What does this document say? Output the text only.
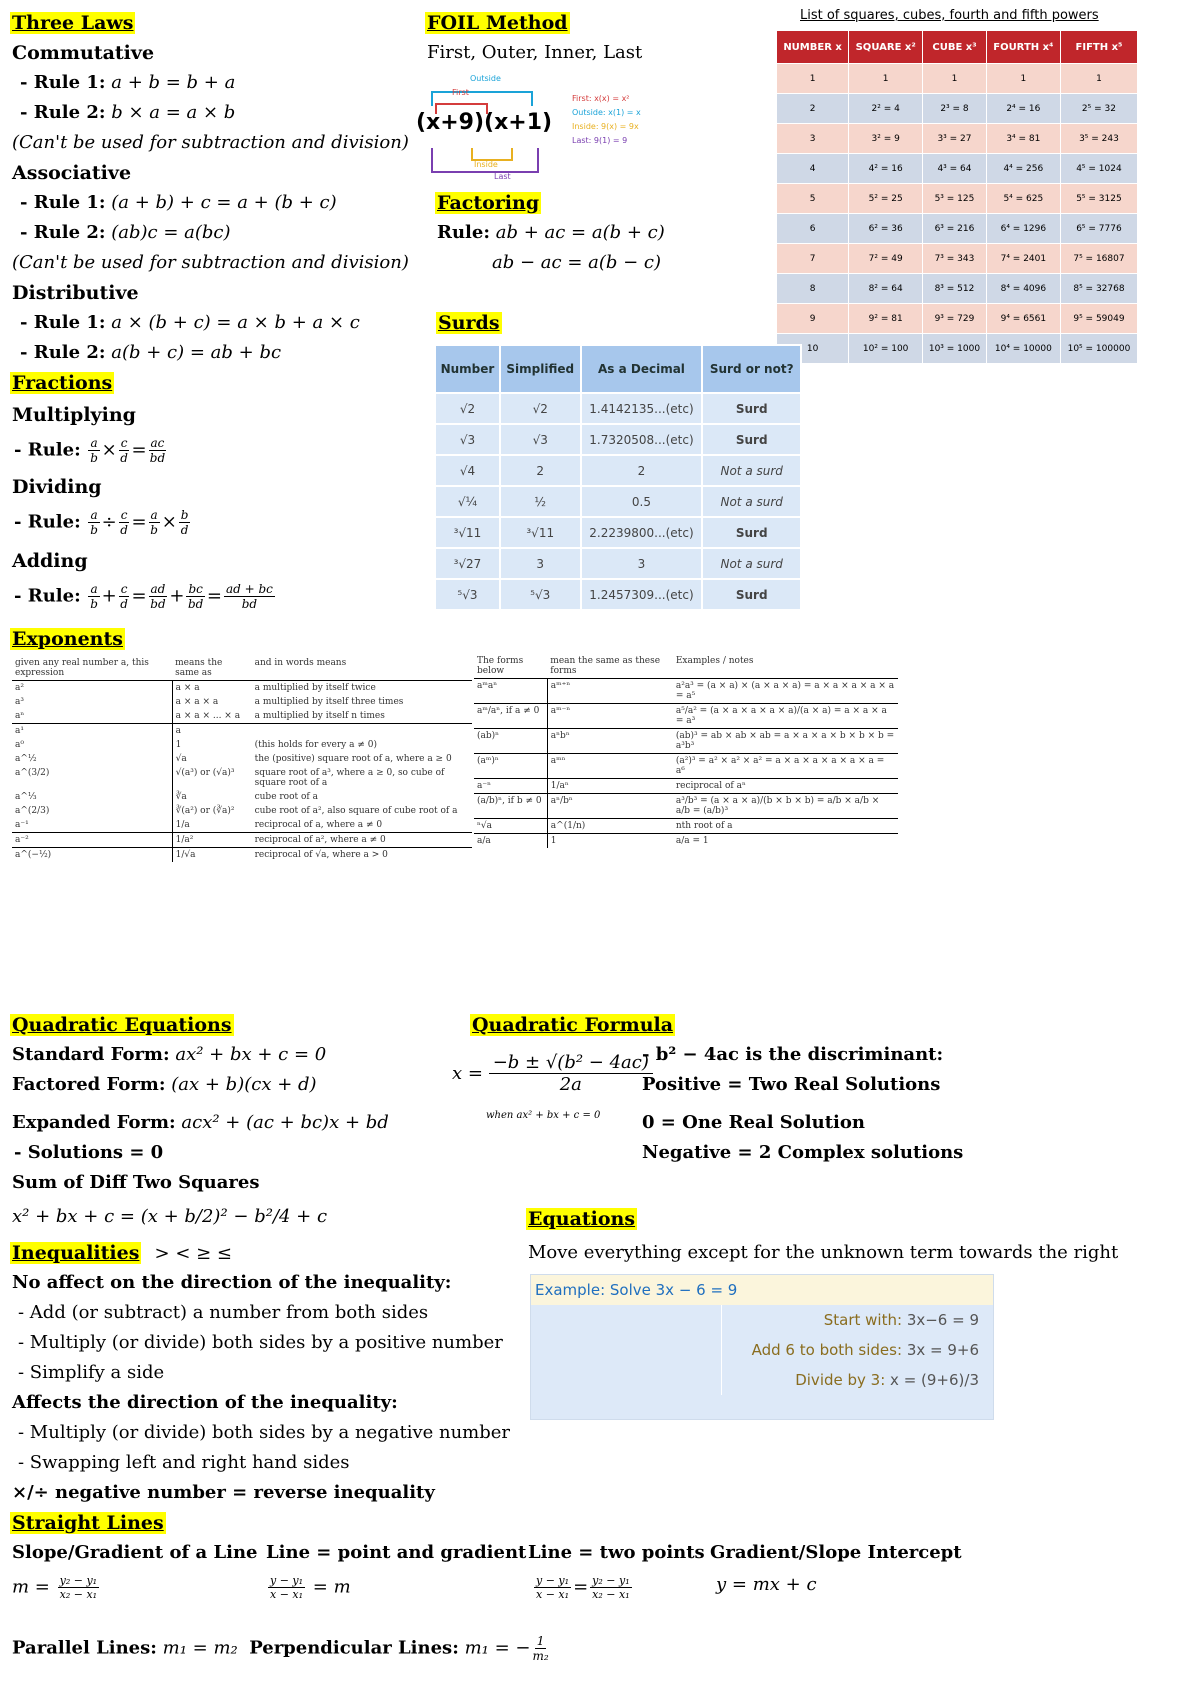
Three Laws
Commutative
- Rule 1: a + b = b + a
- Rule 2: b × a = a × b
(Can't be used for subtraction and division)
Associative
- Rule 1: (a + b) + c = a + (b + c)
- Rule 2: (ab)c = a(bc)
(Can't be used for subtraction and division)
Distributive
- Rule 1: a × (b + c) = a × b + a × c
- Rule 2: a(b + c) = ab + bc
FOIL Method
First, Outer, Inner, Last
Outside
First
(x+9)(x+1)
Inside
Last
First: x(x) = x²
Outside: x(1) = x
Inside: 9(x) = 9x
Last: 9(1) = 9
Factoring
Rule: ab + ac = a(b + c)
ab − ac = a(b − c)
List of squares, cubes, fourth and fifth powers
NUMBER x	SQUARE x²	CUBE x³	FOURTH x⁴	FIFTH x⁵
1	1	1	1	1
2	2² = 4	2³ = 8	2⁴ = 16	2⁵ = 32
3	3² = 9	3³ = 27	3⁴ = 81	3⁵ = 243
4	4² = 16	4³ = 64	4⁴ = 256	4⁵ = 1024
5	5² = 25	5³ = 125	5⁴ = 625	5⁵ = 3125
6	6² = 36	6³ = 216	6⁴ = 1296	6⁵ = 7776
7	7² = 49	7³ = 343	7⁴ = 2401	7⁵ = 16807
8	8² = 64	8³ = 512	8⁴ = 4096	8⁵ = 32768
9	9² = 81	9³ = 729	9⁴ = 6561	9⁵ = 59049
10	10² = 100	10³ = 1000	10⁴ = 10000	10⁵ = 100000
Fractions
Multiplying
- Rule: $\frac{a}{b} \times \frac{c}{d} = \frac{ac}{bd}$
Dividing
- Rule: $\frac{a}{b} \div \frac{c}{d} = \frac{a}{b} \times \frac{b}{d}$
Adding
- Rule: $\frac{a}{b} + \frac{c}{d} = \frac{ad}{bd} + \frac{bc}{bd} = \frac{ad + bc}{bd}$
Surds
Number	Simplified	As a Decimal	Surd or not?
√2	√2	1.4142135...(etc)	Surd
√3	√3	1.7320508...(etc)	Surd
√4	2	2	Not a surd
√¼	½	0.5	Not a surd
³√11	³√11	2.2239800...(etc)	Surd
³√27	3	3	Not a surd
⁵√3	⁵√3	1.2457309...(etc)	Surd
Exponents
given any real number a, this expression	means the same as	and in words means
a²	a × a	a multiplied by itself twice
a³	a × a × a	a multiplied by itself three times
aⁿ	a × a × ... × a	a multiplied by itself n times
a¹	a	
a⁰	1	(this holds for every a ≠ 0)
a^½	√a	the (positive) square root of a, where a ≥ 0
a^(3/2)	√(a³) or (√a)³	square root of a³, where a ≥ 0, so cube of square root of a
a^⅓	∛a	cube root of a
a^(2/3)	∛(a²) or (∛a)²	cube root of a², also square of cube root of a
a⁻¹	1/a	reciprocal of a, where a ≠ 0
a⁻²	1/a²	reciprocal of a², where a ≠ 0
a^(−½)	1/√a	reciprocal of √a, where a > 0
The forms below	mean the same as these forms	Examples / notes
aᵐaⁿ	aᵐ⁺ⁿ	a²a³ = (a × a) × (a × a × a) = a × a × a × a × a = a⁵
aᵐ/aⁿ, if a ≠ 0	aᵐ⁻ⁿ	a⁵/a² = (a × a × a × a × a)/(a × a) = a × a × a = a³
(ab)ⁿ	aⁿbⁿ	(ab)³ = ab × ab × ab = a × a × a × b × b × b = a³b³
(aᵐ)ⁿ	aᵐⁿ	(a²)³ = a² × a² × a² = a × a × a × a × a × a = a⁶
a⁻ⁿ	1/aⁿ	reciprocal of aⁿ
(a/b)ⁿ, if b ≠ 0	aⁿ/bⁿ	a³/b³ = (a × a × a)/(b × b × b) = a/b × a/b × a/b = (a/b)³
ⁿ√a	a^(1/n)	nth root of a
a/a	1	a/a = 1
Quadratic Equations
Standard Form: ax² + bx + c = 0
Factored Form: (ax + b)(cx + d)
Expanded Form: acx² + (ac + bc)x + bd
- Solutions = 0
Sum of Diff Two Squares
x² + bx + c = (x + b/2)² − b²/4 + c
Quadratic Formula
$x = \frac{\text{−b ± √(b² − 4ac)}}{2a}$
when ax² + bx + c = 0
- b² − 4ac is the discriminant:
Positive = Two Real Solutions
0 = One Real Solution
Negative = 2 Complex solutions
Inequalities > < ≥ ≤
No affect on the direction of the inequality:
- Add (or subtract) a number from both sides
- Multiply (or divide) both sides by a positive number
- Simplify a side
Affects the direction of the inequality:
- Multiply (or divide) both sides by a negative number
- Swapping left and right hand sides
×/÷ negative number = reverse inequality
Equations
Move everything except for the unknown term towards the right
Example: Solve 3x − 6 = 9
Start with: 3x−6 = 9
Add 6 to both sides: 3x = 9+6
Divide by 3: x = (9+6)/3
Straight Lines
Slope/Gradient of a Line
$m = \frac{\text{y₂ − y₁}}{\text{x₂ − x₁}}$
Line = point and gradient
$\frac{\text{y − y₁}}{\text{x − x₁}} = m$
Line = two points
$\frac{\text{y − y₁}}{\text{x − x₁}} = \frac{\text{y₂ − y₁}}{\text{x₂ − x₁}}$
Gradient/Slope Intercept
y = mx + c
Parallel Lines: m₁ = m₂ Perpendicular Lines: m₁ = − $\frac{1}{\text{m₂}}$
